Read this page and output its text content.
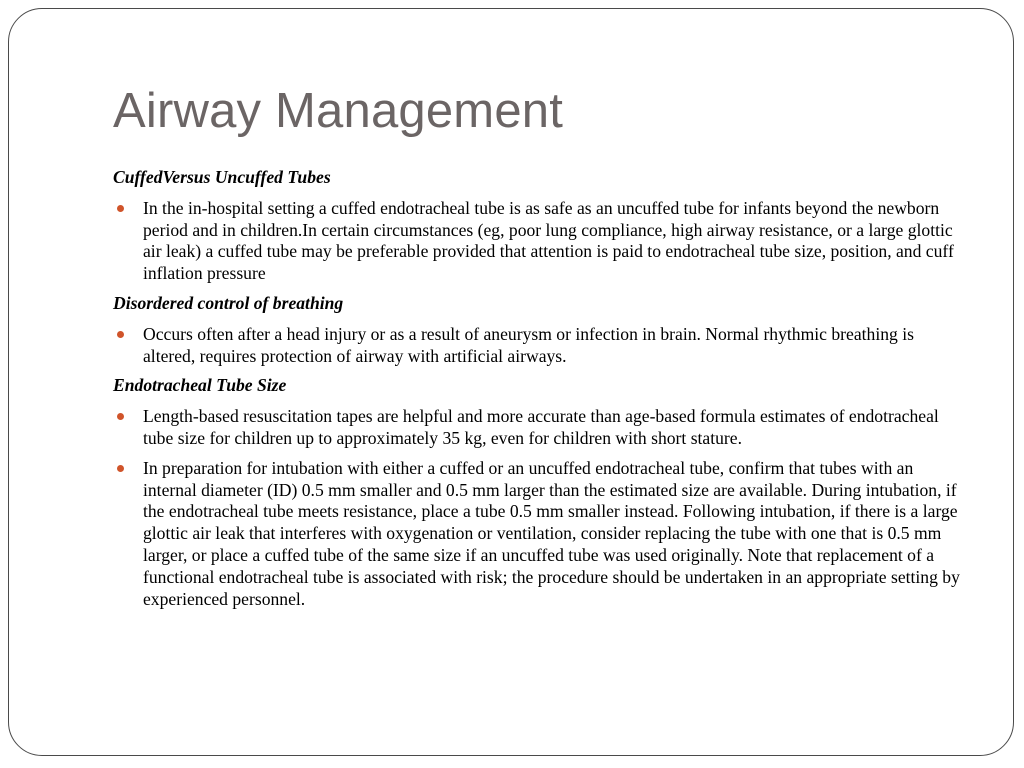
Airway Management

CuffedVersus Uncuffed Tubes

In the in-hospital setting a cuffed endotracheal tube is as safe as an uncuffed tube for infants beyond the newborn period and in children.In certain circumstances (eg, poor lung compliance, high airway resistance, or a large glottic air leak) a cuffed tube may be preferable provided that attention is paid to endotracheal tube size, position, and cuff inflation pressure

Disordered control of breathing

Occurs often after a head injury or as a result of aneurysm or infection in brain. Normal rhythmic breathing is altered, requires protection of airway with artificial airways.

Endotracheal Tube Size

Length-based resuscitation tapes are helpful and more accurate than age-based formula estimates of endotracheal tube size for children up to approximately 35 kg, even for children with short stature.

In preparation for intubation with either a cuffed or an uncuffed endotracheal tube, confirm that tubes with an internal diameter (ID) 0.5 mm smaller and 0.5 mm larger than the estimated size are available. During intubation, if the endotracheal tube meets resistance, place a tube 0.5 mm smaller instead. Following intubation, if there is a large glottic air leak that interferes with oxygenation or ventilation, consider replacing the tube with one that is 0.5 mm larger, or place a cuffed tube of the same size if an uncuffed tube was used originally. Note that replacement of a functional endotracheal tube is associated with risk; the procedure should be undertaken in an appropriate setting by experienced personnel.
